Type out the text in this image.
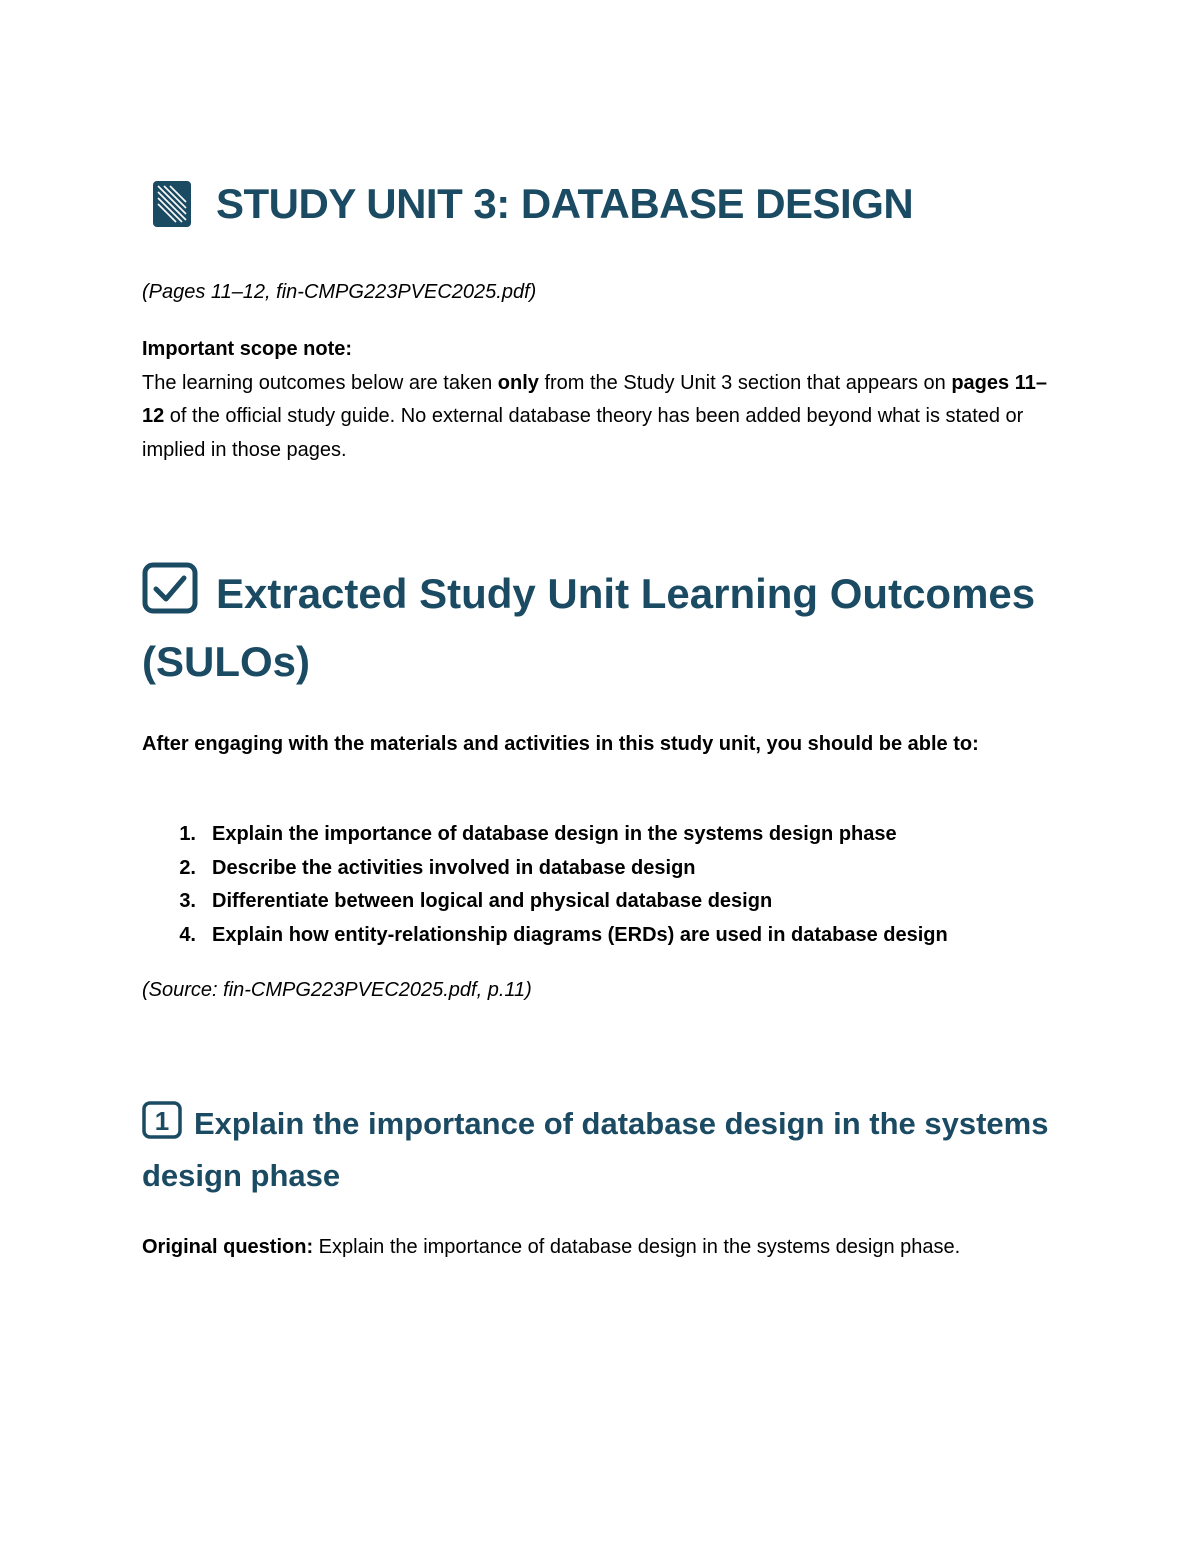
STUDY UNIT 3: DATABASE DESIGN
(Pages 11–12, fin-CMPG223PVEC2025.pdf)
Important scope note:
The learning outcomes below are taken only from the Study Unit 3 section that appears on pages 11–12 of the official study guide. No external database theory has been added beyond what is stated or implied in those pages.
Extracted Study Unit Learning Outcomes (SULOs)
After engaging with the materials and activities in this study unit, you should be able to:
1. Explain the importance of database design in the systems design phase
2. Describe the activities involved in database design
3. Differentiate between logical and physical database design
4. Explain how entity-relationship diagrams (ERDs) are used in database design
(Source: fin-CMPG223PVEC2025.pdf, p.11)
1 Explain the importance of database design in the systems design phase
Original question: Explain the importance of database design in the systems design phase.
